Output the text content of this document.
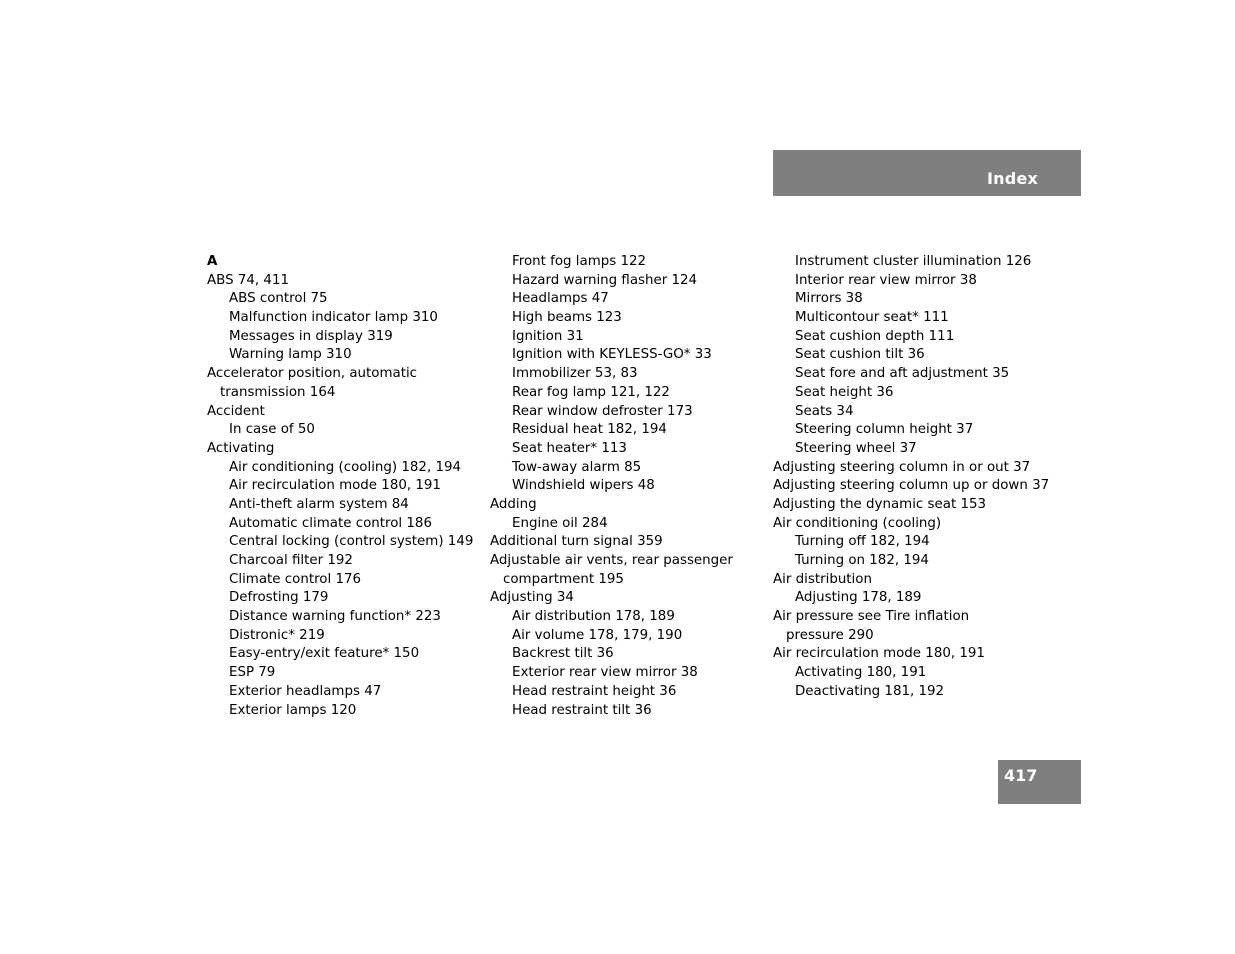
Index
A
ABS 74, 411
ABS control 75
Malfunction indicator lamp 310
Messages in display 319
Warning lamp 310
Accelerator position, automatic
transmission 164
Accident
In case of 50
Activating
Air conditioning (cooling) 182, 194
Air recirculation mode 180, 191
Anti-theft alarm system 84
Automatic climate control 186
Central locking (control system) 149
Charcoal filter 192
Climate control 176
Defrosting 179
Distance warning function* 223
Distronic* 219
Easy-entry/exit feature* 150
ESP 79
Exterior headlamps 47
Exterior lamps 120
Front fog lamps 122
Hazard warning flasher 124
Headlamps 47
High beams 123
Ignition 31
Ignition with KEYLESS-GO* 33
Immobilizer 53, 83
Rear fog lamp 121, 122
Rear window defroster 173
Residual heat 182, 194
Seat heater* 113
Tow-away alarm 85
Windshield wipers 48
Adding
Engine oil 284
Additional turn signal 359
Adjustable air vents, rear passenger
compartment 195
Adjusting 34
Air distribution 178, 189
Air volume 178, 179, 190
Backrest tilt 36
Exterior rear view mirror 38
Head restraint height 36
Head restraint tilt 36
Instrument cluster illumination 126
Interior rear view mirror 38
Mirrors 38
Multicontour seat* 111
Seat cushion depth 111
Seat cushion tilt 36
Seat fore and aft adjustment 35
Seat height 36
Seats 34
Steering column height 37
Steering wheel 37
Adjusting steering column in or out 37
Adjusting steering column up or down 37
Adjusting the dynamic seat 153
Air conditioning (cooling)
Turning off 182, 194
Turning on 182, 194
Air distribution
Adjusting 178, 189
Air pressure see Tire inflation
pressure 290
Air recirculation mode 180, 191
Activating 180, 191
Deactivating 181, 192
417
